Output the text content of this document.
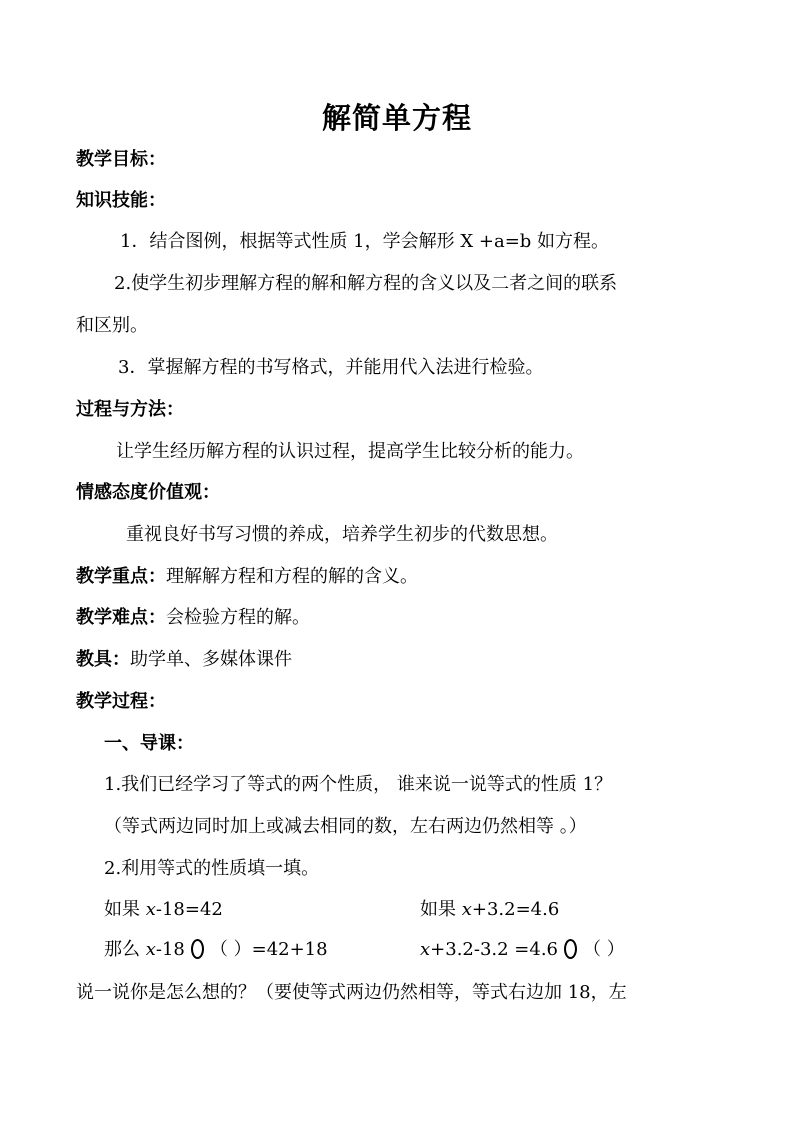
解简单方程
教学目标：
知识技能：
1．结合图例，根据等式性质 1，学会解形 X +a=b 如方程。
2.使学生初步理解方程的解和解方程的含义以及二者之间的联系
和区别。
3．掌握解方程的书写格式，并能用代入法进行检验。
过程与方法：
让学生经历解方程的认识过程，提高学生比较分析的能力。
情感态度价值观：
重视良好书写习惯的养成，培养学生初步的代数思想。
教学重点：理解解方程和方程的解的含义。
教学难点：会检验方程的解。
教具：助学单、多媒体课件
教学过程：
一、导课：
1.我们已经学习了等式的两个性质， 谁来说一说等式的性质 1？
（等式两边同时加上或减去相同的数，左右两边仍然相等 。）
2.利用等式的性质填一填。
如果 x-18=42	如果 x+3.2=4.6
那么 x-18 （ ）=42+18	x+3.2-3.2 =4.6 （ ）
说一说你是怎么想的？（要使等式两边仍然相等，等式右边加 18，左
